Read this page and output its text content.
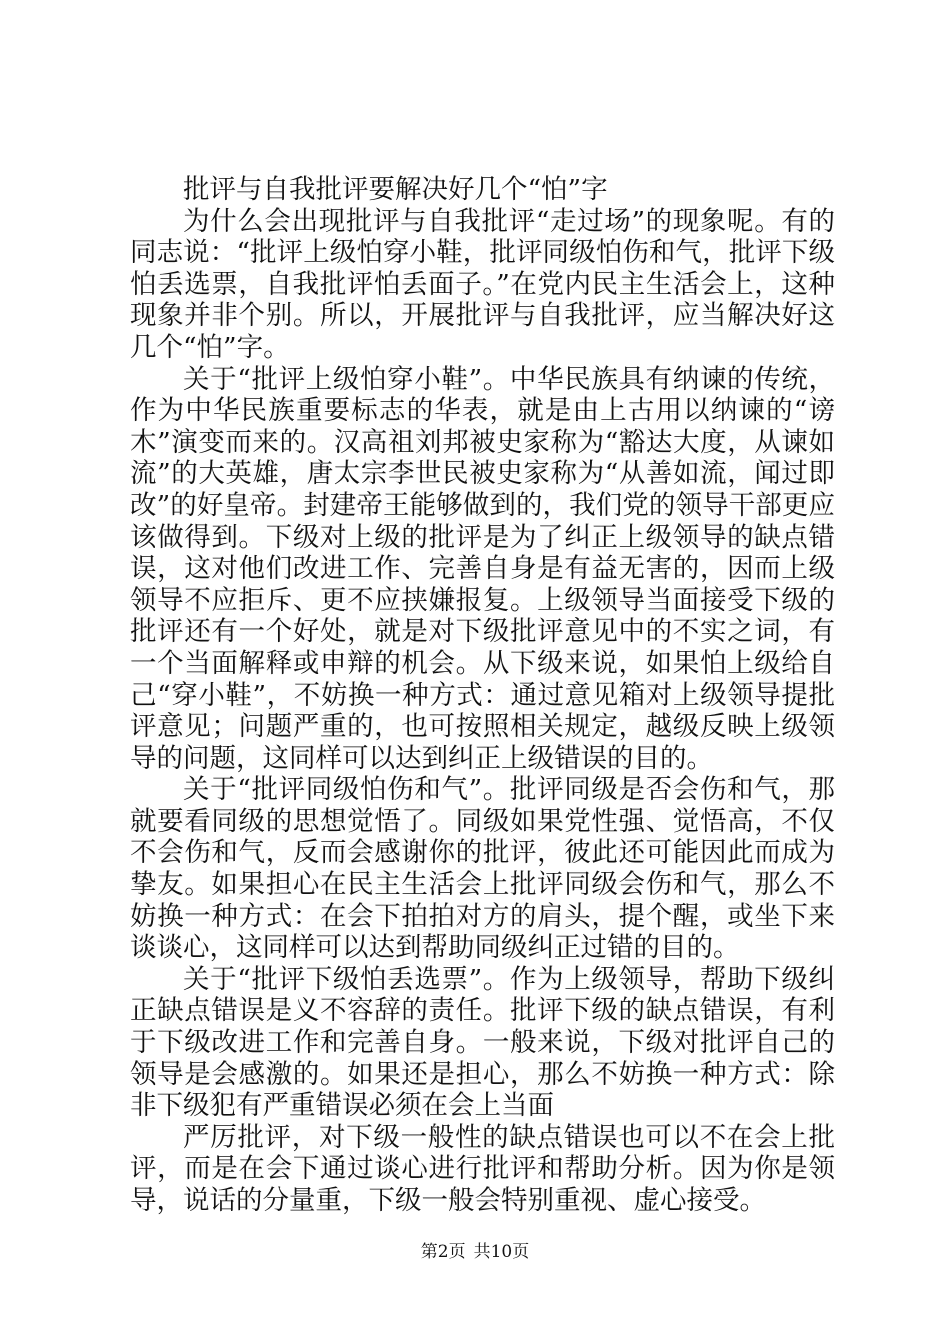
批评与自我批评要解决好几个“怕”字

为什么会出现批评与自我批评“走过场”的现象呢。有的同志说：“批评上级怕穿小鞋，批评同级怕伤和气，批评下级怕丢选票，自我批评怕丢面子。”在党内民主生活会上，这种现象并非个别。所以，开展批评与自我批评，应当解决好这几个“怕”字。

关于“批评上级怕穿小鞋”。中华民族具有纳谏的传统，作为中华民族重要标志的华表，就是由上古用以纳谏的“谤木”演变而来的。汉高祖刘邦被史家称为“豁达大度，从谏如流”的大英雄，唐太宗李世民被史家称为“从善如流，闻过即改”的好皇帝。封建帝王能够做到的，我们党的领导干部更应该做得到。下级对上级的批评是为了纠正上级领导的缺点错误，这对他们改进工作、完善自身是有益无害的，因而上级领导不应拒斥、更不应挟嫌报复。上级领导当面接受下级的批评还有一个好处，就是对下级批评意见中的不实之词，有一个当面解释或申辩的机会。从下级来说，如果怕上级给自己“穿小鞋”，不妨换一种方式：通过意见箱对上级领导提批评意见；问题严重的，也可按照相关规定，越级反映上级领导的问题，这同样可以达到纠正上级错误的目的。

关于“批评同级怕伤和气”。批评同级是否会伤和气，那就要看同级的思想觉悟了。同级如果党性强、觉悟高，不仅不会伤和气，反而会感谢你的批评，彼此还可能因此而成为挚友。如果担心在民主生活会上批评同级会伤和气，那么不妨换一种方式：在会下拍拍对方的肩头，提个醒，或坐下来谈谈心，这同样可以达到帮助同级纠正过错的目的。

关于“批评下级怕丢选票”。作为上级领导，帮助下级纠正缺点错误是义不容辞的责任。批评下级的缺点错误，有利于下级改进工作和完善自身。一般来说，下级对批评自己的领导是会感激的。如果还是担心，那么不妨换一种方式：除非下级犯有严重错误必须在会上当面

严厉批评，对下级一般性的缺点错误也可以不在会上批评，而是在会下通过谈心进行批评和帮助分析。因为你是领导，说话的分量重，下级一般会特别重视、虚心接受。

第2页 共10页
